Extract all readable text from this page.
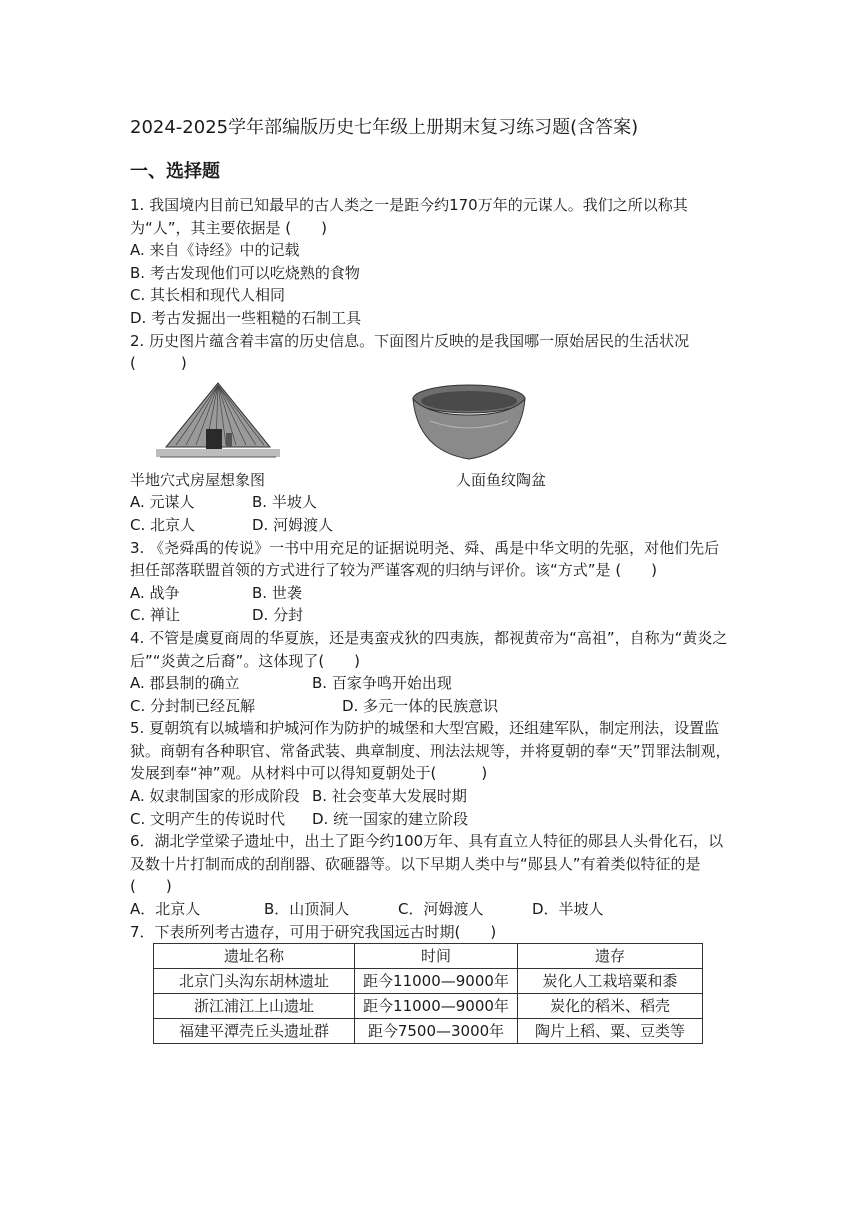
2024-2025学年部编版历史七年级上册期末复习练习题(含答案)
一、选择题

1. 我国境内目前已知最早的古人类之一是距今约170万年的元谋人。我们之所以称其为“人”，其主要依据是 (　　)

A. 来自《诗经》中的记载

B. 考古发现他们可以吃烧熟的食物

C. 其长相和现代人相同

D. 考古发掘出一些粗糙的石制工具

2. 历史图片蕴含着丰富的历史信息。下面图片反映的是我国哪一原始居民的生活状况(　　　)

半地穴式房屋想象图	人面鱼纹陶盆
A. 元谋人	B. 半坡人
C. 北京人	D. 河姆渡人

3. 《尧舜禹的传说》一书中用充足的证据说明尧、舜、禹是中华文明的先驱，对他们先后担任部落联盟首领的方式进行了较为严谨客观的归纳与评价。该“方式”是 (　　)

A. 战争	B. 世袭
C. 禅让	D. 分封

4. 不管是虞夏商周的华夏族，还是夷蛮戎狄的四夷族，都视黄帝为“高祖”，自称为“黄炎之后”“炎黄之后裔”。这体现了(　　)

A. 郡县制的确立	B. 百家争鸣开始出现
C. 分封制已经瓦解	D. 多元一体的民族意识

5. 夏朝筑有以城墙和护城河作为防护的城堡和大型宫殿，还组建军队，制定刑法，设置监狱。商朝有各种职官、常备武装、典章制度、刑法法规等，并将夏朝的奉“天”罚罪法制观，发展到奉“神”观。从材料中可以得知夏朝处于(　　　)

A. 奴隶制国家的形成阶段 B. 社会变革大发展时期
C. 文明产生的传说时代	D. 统一国家的建立阶段

6．湖北学堂梁子遗址中，出土了距今约100万年、具有直立人特征的郧县人头骨化石，以及数十片打制而成的刮削器、砍砸器等。以下早期人类中与“郧县人”有着类似特征的是(　　)

A．北京人	B．山顶洞人	C．河姆渡人	D．半坡人

7．下表所列考古遗存，可用于研究我国远古时期(　　)

遗址名称	时间	遗存
北京门头沟东胡林遗址	距今11000—9000年	炭化人工栽培粟和黍
浙江浦江上山遗址	距今11000—9000年	炭化的稻米、稻壳
福建平潭壳丘头遗址群	距今7500—3000年	陶片上稻、粟、豆类等
